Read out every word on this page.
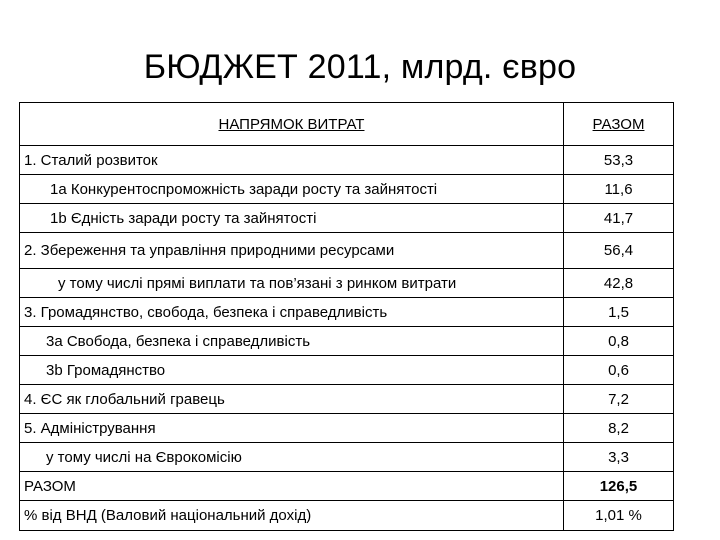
БЮДЖЕТ 2011, млрд. євро
НАПРЯМОК ВИТРАТ	РАЗОМ
1. Сталий розвиток	53,3
1a Конкурентоспроможність заради росту та зайнятості	11,6
1b Єдність заради росту та зайнятості	41,7
2. Збереження та управління природними ресурсами	56,4
у тому числі прямі виплати та пов’язані з ринком витрати	42,8
3. Громадянство, свобода, безпека і справедливість	1,5
3a Свобода, безпека і справедливість	0,8
3b Громадянство	0,6
4. ЄС як глобальний гравець	7,2
5. Адміністрування	8,2
у тому числі на Єврокомісію	3,3
РАЗОМ	126,5
% від ВНД (Валовий національний дохід)	1,01 %
